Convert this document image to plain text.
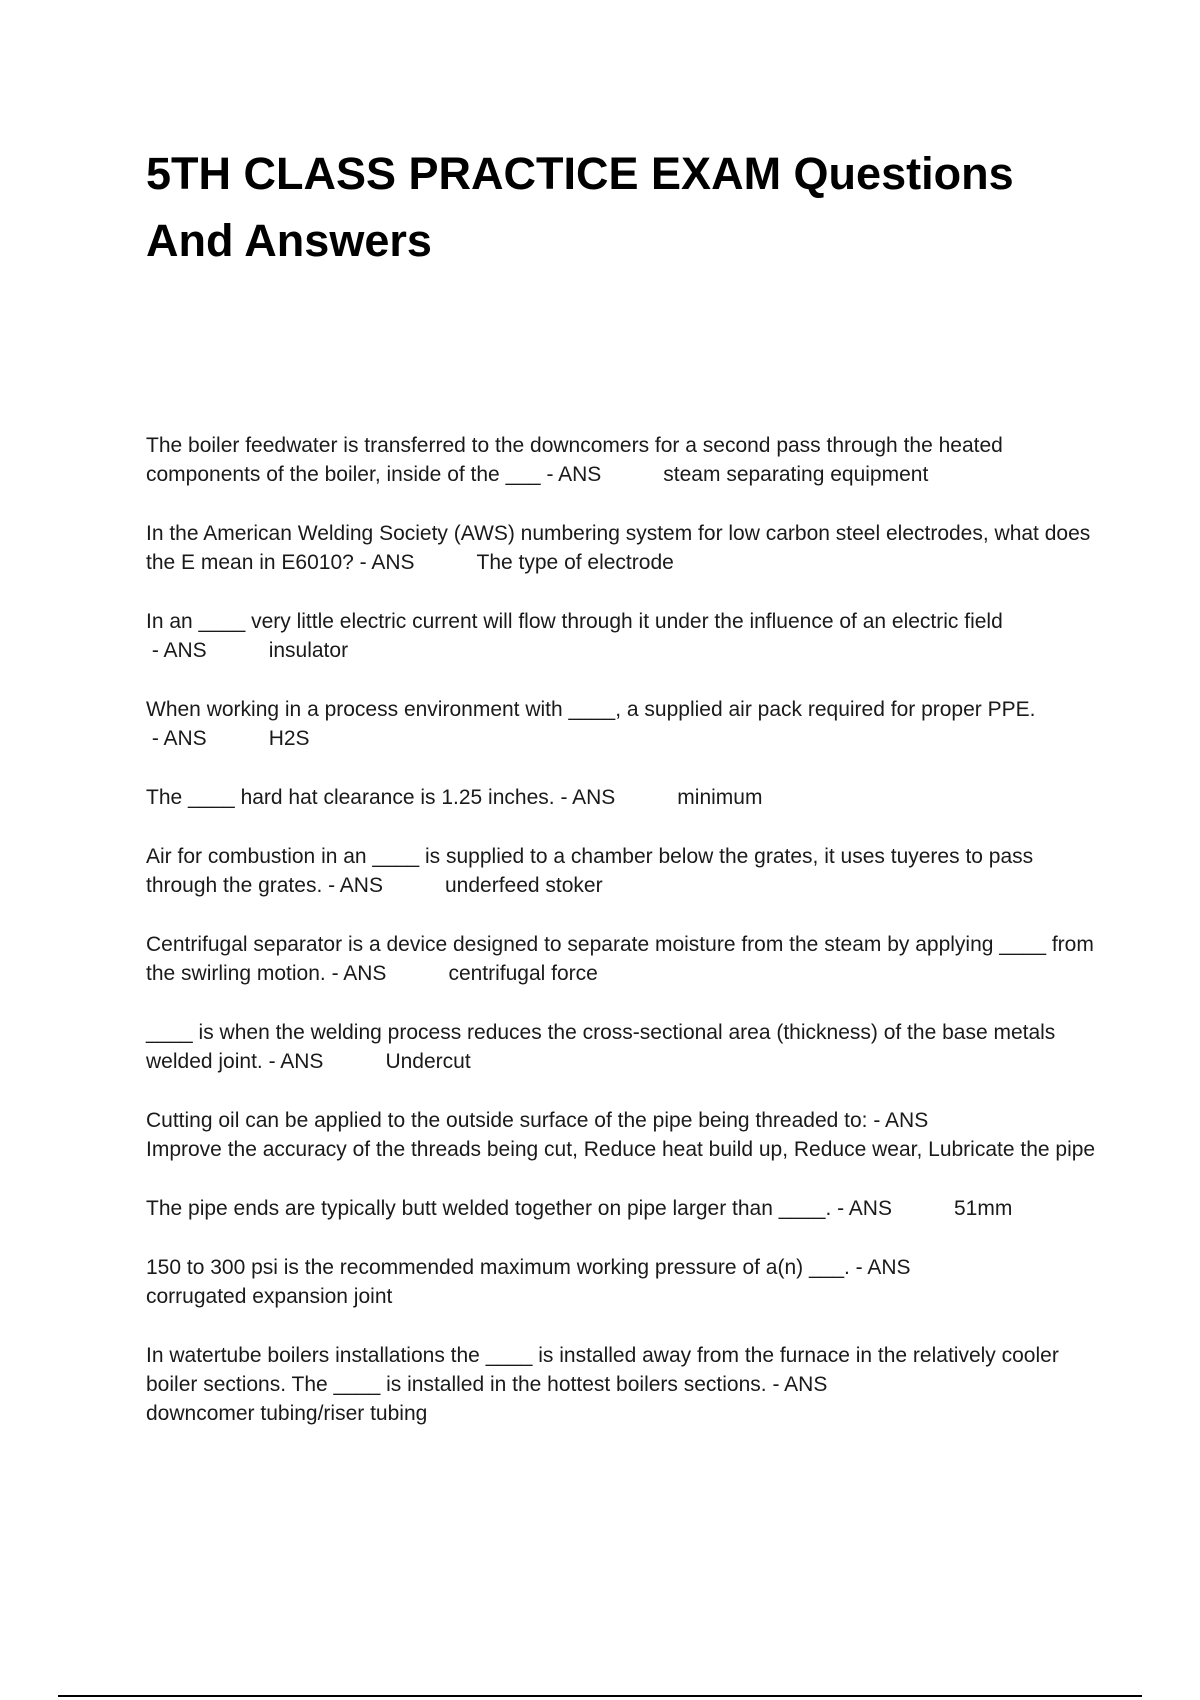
5TH CLASS PRACTICE EXAM Questions And Answers

The boiler feedwater is transferred to the downcomers for a second pass through the heated components of the boiler, inside of the ___ - ANS	steam separating equipment

In the American Welding Society (AWS) numbering system for low carbon steel electrodes, what does the E mean in E6010? - ANS	The type of electrode

In an ____ very little electric current will flow through it under the influence of an electric field - ANS	insulator

When working in a process environment with ____, a supplied air pack required for proper PPE. - ANS	H2S

The ____ hard hat clearance is 1.25 inches. - ANS	minimum

Air for combustion in an ____ is supplied to a chamber below the grates, it uses tuyeres to pass through the grates. - ANS	underfeed stoker

Centrifugal separator is a device designed to separate moisture from the steam by applying ____ from the swirling motion. - ANS	centrifugal force

____ is when the welding process reduces the cross-sectional area (thickness) of the base metals welded joint. - ANS	Undercut

Cutting oil can be applied to the outside surface of the pipe being threaded to: - ANS
Improve the accuracy of the threads being cut, Reduce heat build up, Reduce wear, Lubricate the pipe

The pipe ends are typically butt welded together on pipe larger than ____. - ANS	51mm

150 to 300 psi is the recommended maximum working pressure of a(n) ___. - ANS
corrugated expansion joint

In watertube boilers installations the ____ is installed away from the furnace in the relatively cooler boiler sections. The ____ is installed in the hottest boilers sections. - ANS
downcomer tubing/riser tubing
